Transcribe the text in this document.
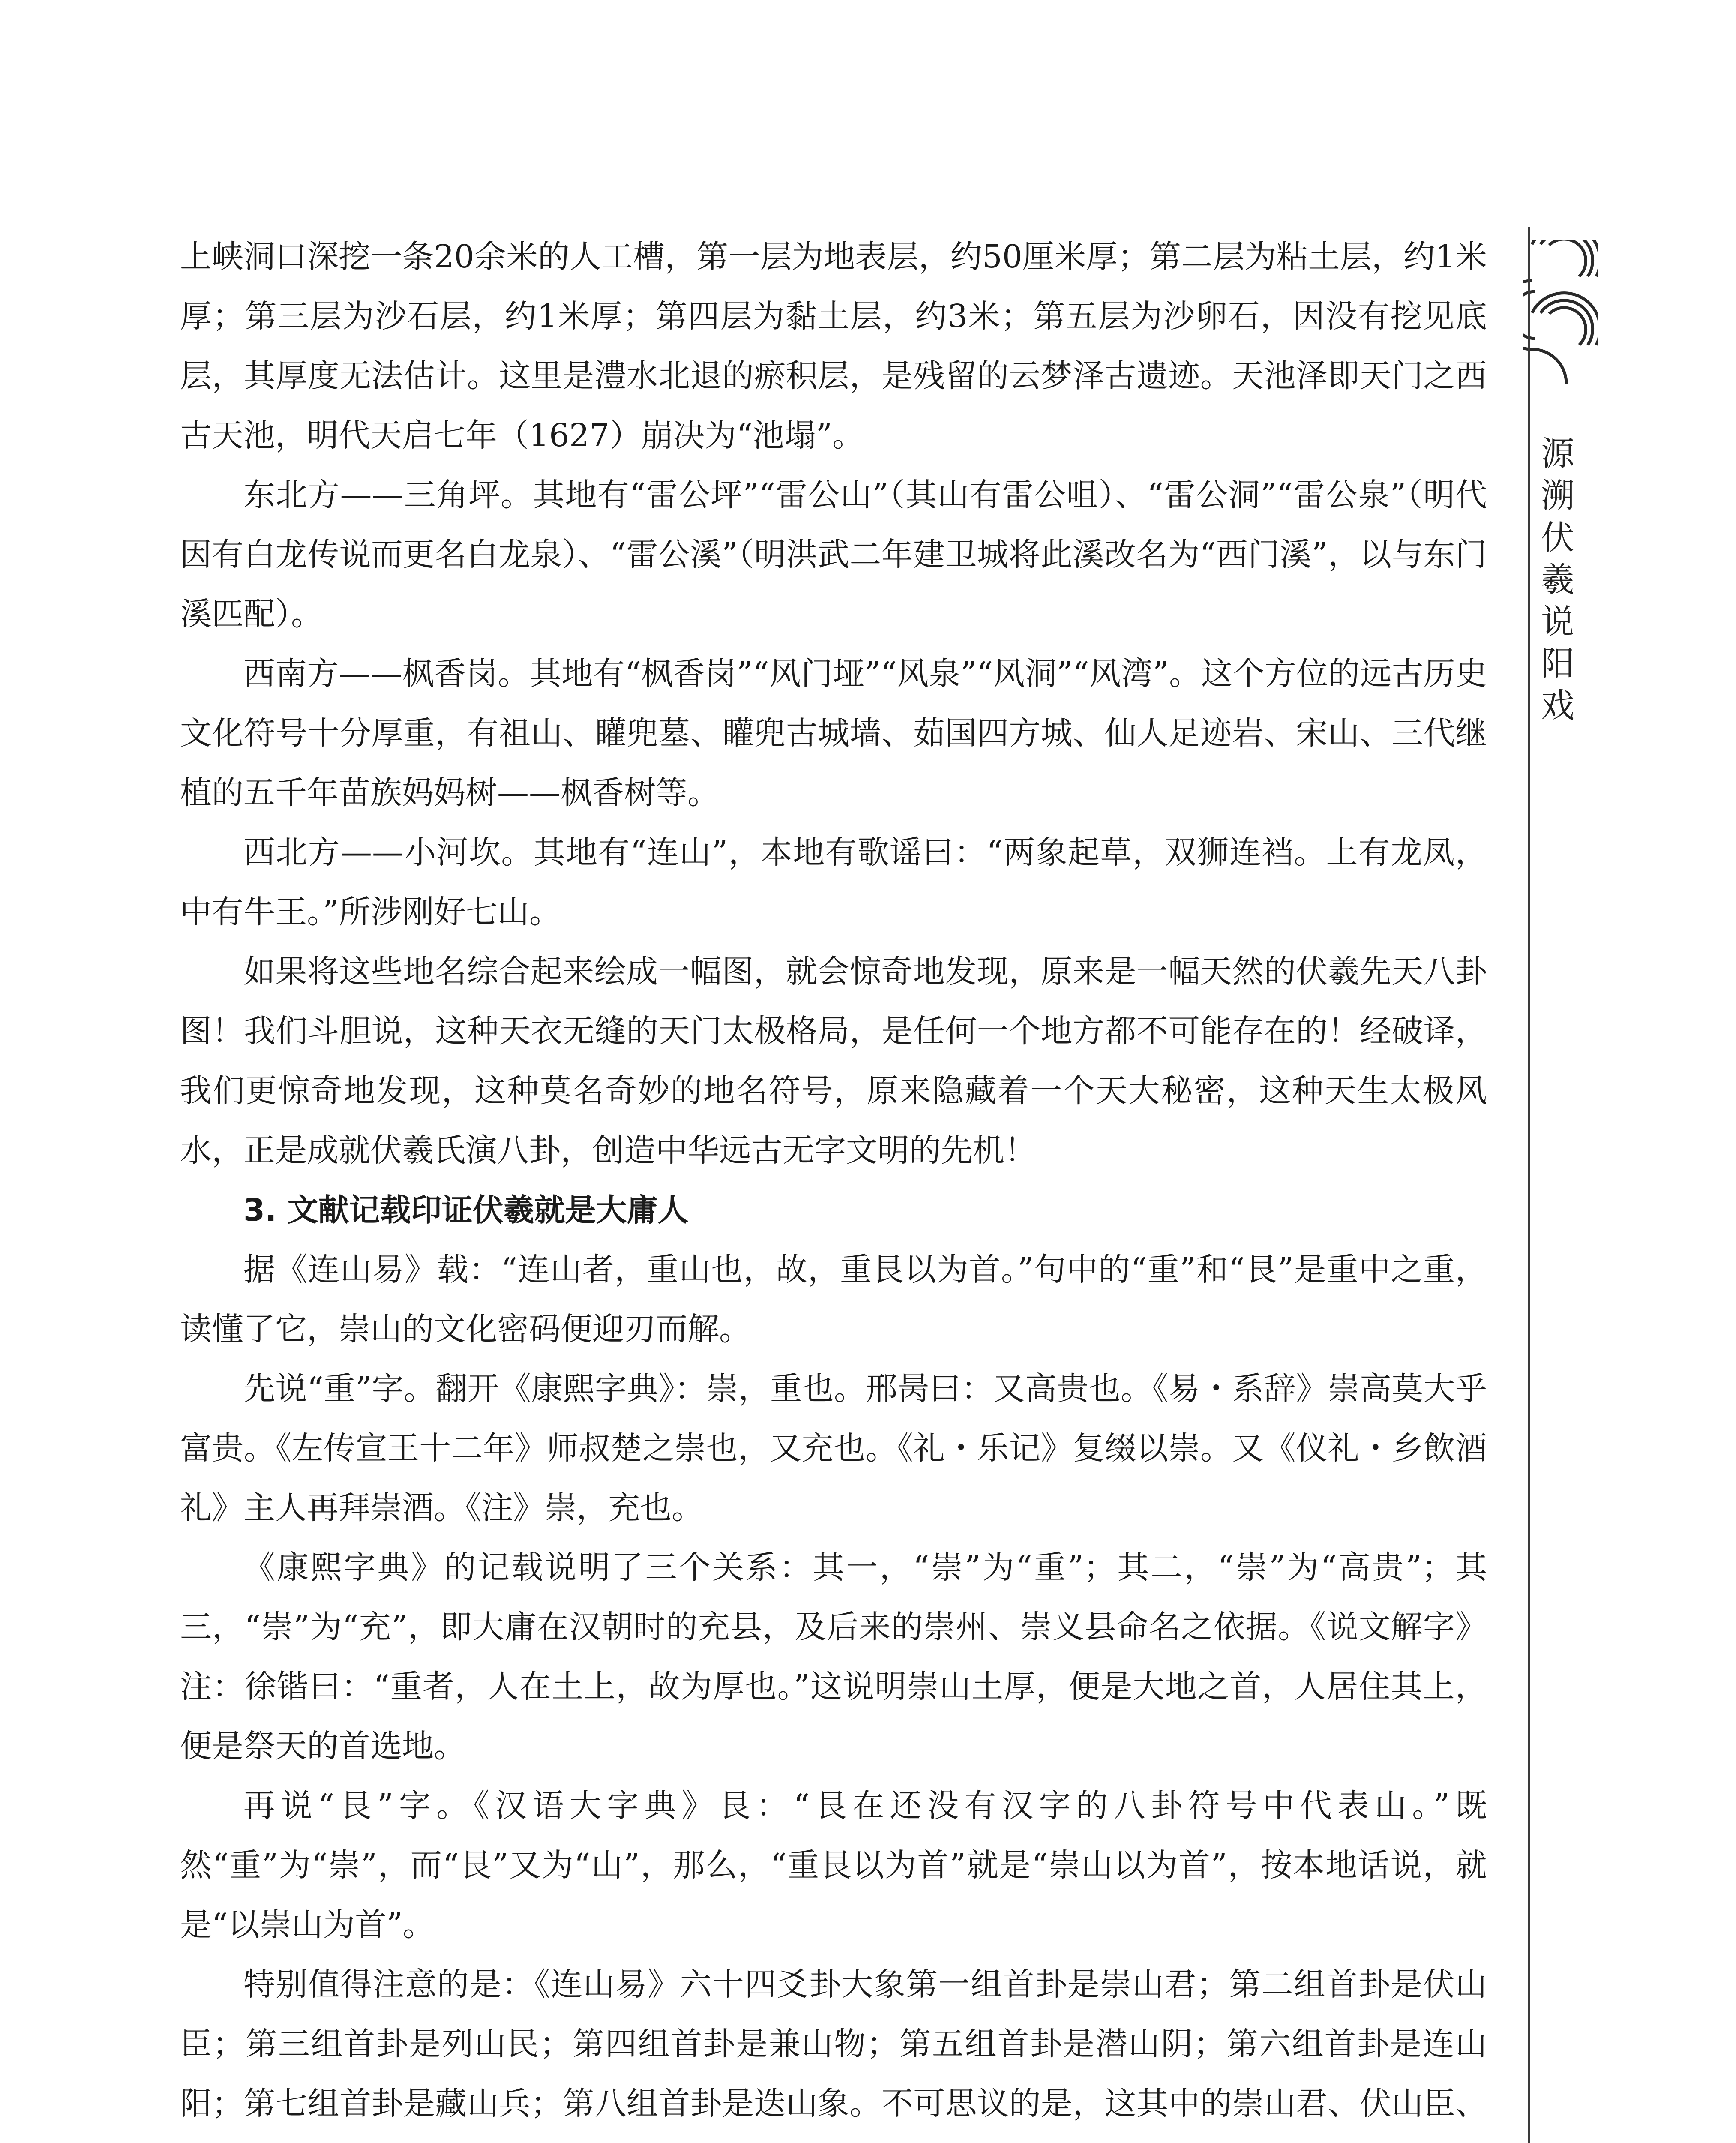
源
溯
伏
羲
说
阳
戏

上峡洞口深挖一条20余米的人工槽，第一层为地表层，约50厘米厚；第二层为粘土层，约1米厚；第三层为沙石层，约1米厚；第四层为黏土层，约3米；第五层为沙卵石，因没有挖见底层，其厚度无法估计。这里是澧水北退的瘀积层，是残留的云梦泽古遗迹。天池泽即天门之西古天池，明代天启七年（1627）崩决为“池塌”。

东北方——三角坪。其地有“雷公坪”“雷公山”（其山有雷公咀）、“雷公洞”“雷公泉”（明代因有白龙传说而更名白龙泉）、“雷公溪”（明洪武二年建卫城将此溪改名为“西门溪”，以与东门溪匹配）。

西南方——枫香岗。其地有“枫香岗”“风门垭”“风泉”“风洞”“风湾”。这个方位的远古历史文化符号十分厚重，有祖山、矔兜墓、矔兜古城墙、茹国四方城、仙人足迹岩、宋山、三代继植的五千年苗族妈妈树——枫香树等。

西北方——小河坎。其地有“连山”，本地有歌谣曰：“两象起草，双狮连裆。上有龙凤，中有牛王。”所涉刚好七山。

如果将这些地名综合起来绘成一幅图，就会惊奇地发现，原来是一幅天然的伏羲先天八卦图！我们斗胆说，这种天衣无缝的天门太极格局，是任何一个地方都不可能存在的！经破译，我们更惊奇地发现，这种莫名奇妙的地名符号，原来隐藏着一个天大秘密，这种天生太极风水，正是成就伏羲氏演八卦，创造中华远古无字文明的先机！

3. 文献记载印证伏羲就是大庸人

据《连山易》载：“连山者，重山也，故，重艮以为首。”句中的“重”和“艮”是重中之重，读懂了它，崇山的文化密码便迎刃而解。

先说“重”字。翻开《康熙字典》：崇，重也。邢昺曰：又高贵也。《易・系辞》崇高莫大乎富贵。《左传宣王十二年》师叔楚之崇也，又充也。《礼・乐记》复缀以崇。又《仪礼・乡飲酒礼》主人再拜崇酒。《注》崇，充也。

《康熙字典》的记载说明了三个关系：其一，“崇”为“重”；其二，“崇”为“高贵”；其三，“崇”为“充”，即大庸在汉朝时的充县，及后来的崇州、崇义县命名之依据。《说文解字》注：徐锴曰：“重者，人在土上，故为厚也。”这说明崇山土厚，便是大地之首，人居住其上，便是祭天的首选地。

再说“艮”字。《汉语大字典》艮：“艮在还没有汉字的八卦符号中代表山。”既然“重”为“崇”，而“艮”又为“山”，那么，“重艮以为首”就是“崇山以为首”，按本地话说，就是“以崇山为首”。

特别值得注意的是：《连山易》六十四爻卦大象第一组首卦是崇山君；第二组首卦是伏山臣；第三组首卦是列山民；第四组首卦是兼山物；第五组首卦是潜山阴；第六组首卦是连山阳；第七组首卦是藏山兵；第八组首卦是迭山象。不可思议的是，这其中的崇山君、伏山臣、
